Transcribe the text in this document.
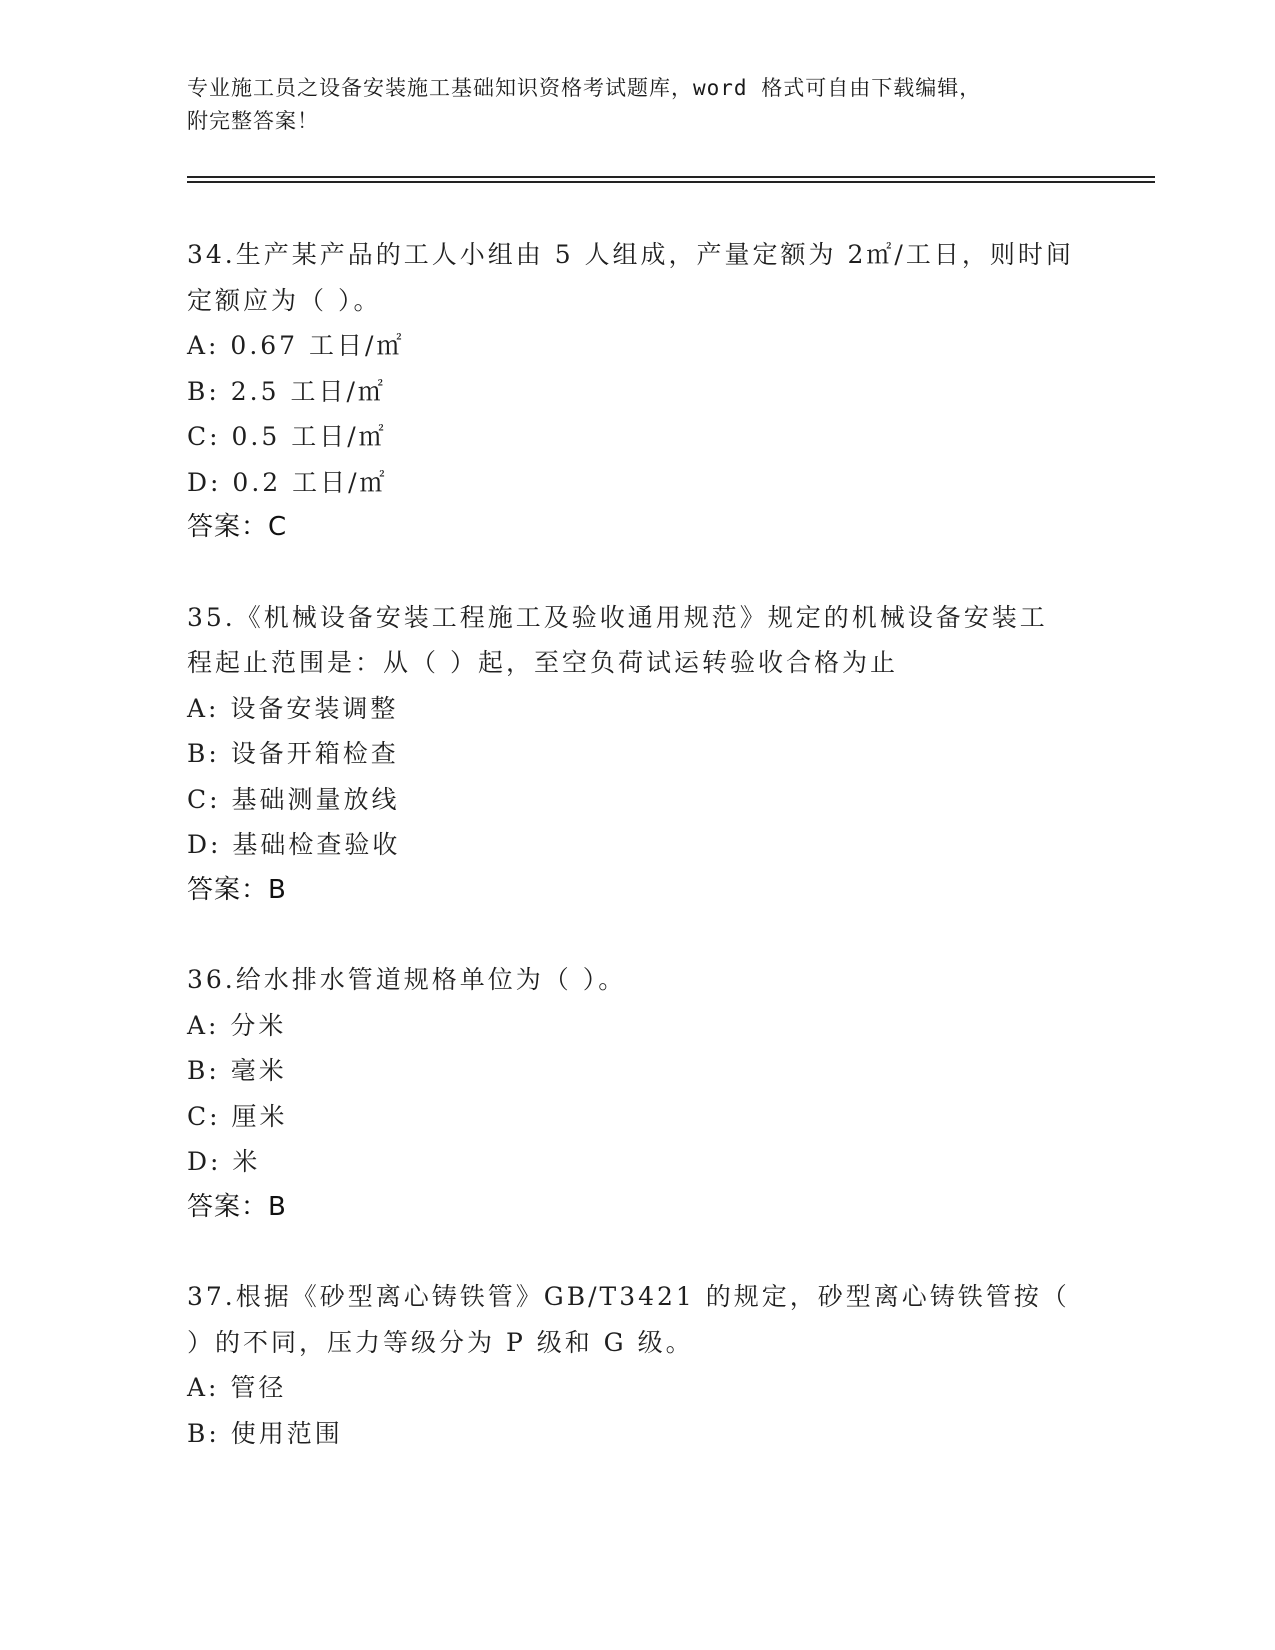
专业施工员之设备安装施工基础知识资格考试题库，word 格式可自由下载编辑，
附完整答案！
34.生产某产品的工人小组由 5 人组成，产量定额为 2㎡/工日，则时间
定额应为（ ）。
A: 0.67 工日/㎡
B: 2.5 工日/㎡
C: 0.5 工日/㎡
D: 0.2 工日/㎡
答案：C
35.《机械设备安装工程施工及验收通用规范》规定的机械设备安装工
程起止范围是：从（ ）起，至空负荷试运转验收合格为止
A: 设备安装调整
B: 设备开箱检查
C: 基础测量放线
D: 基础检查验收
答案：B
36.给水排水管道规格单位为（ ）。
A: 分米
B: 毫米
C: 厘米
D: 米
答案：B
37.根据《砂型离心铸铁管》GB/T3421 的规定，砂型离心铸铁管按（
）的不同，压力等级分为 P 级和 G 级。
A: 管径
B: 使用范围
